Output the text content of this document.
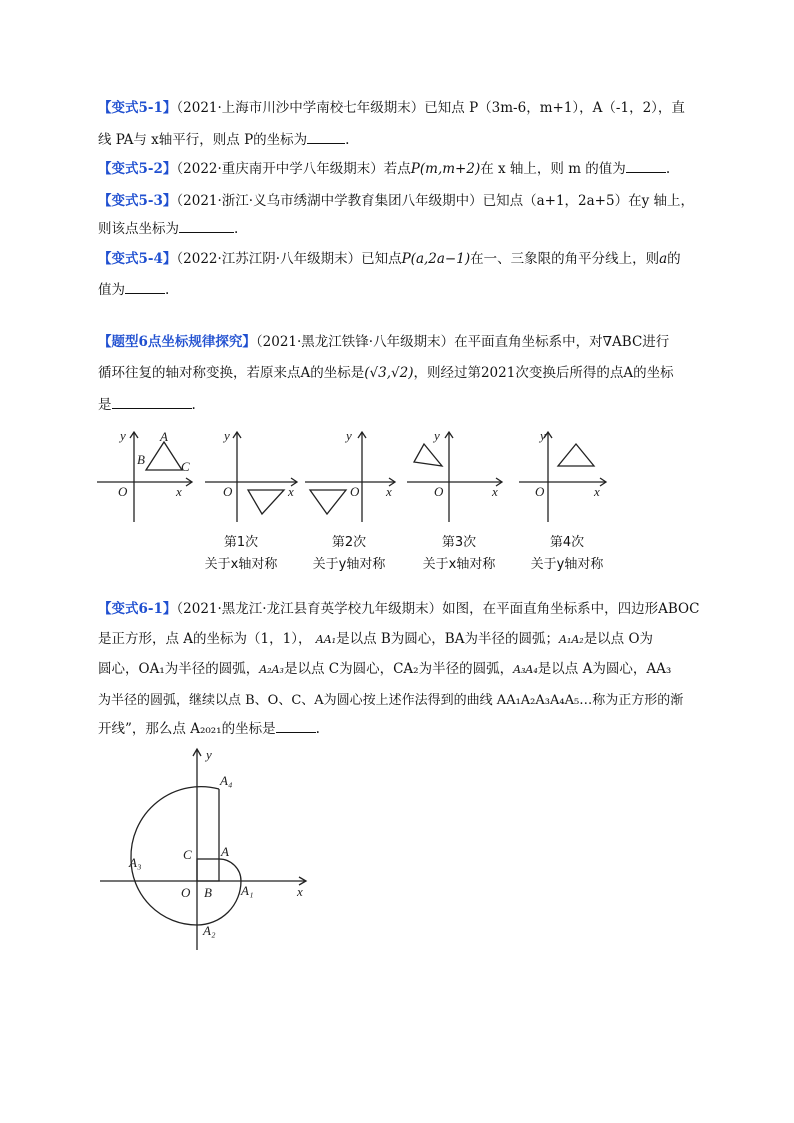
【变式5-1】（2021·上海市川沙中学南校七年级期末）已知点 P（3m-6，m+1），A（-1，2），直
线 PA与 x轴平行，则点 P的坐标为	.
【变式5-2】（2022·重庆南开中学八年级期末）若点P(m,m+2)在 x 轴上，则 m 的值为	.
【变式5-3】（2021·浙江·义乌市绣湖中学教育集团八年级期中）已知点（a+1，2a+5）在y 轴上，
则该点坐标为	.
【变式5-4】（2022·江苏江阴·八年级期末）已知点P(a,2a−1)在一、三象限的角平分线上，则a的
值为	.
【题型6点坐标规律探究】（2021·黑龙江铁锋·八年级期末）在平面直角坐标系中，对∇ABC进行
循环往复的轴对称变换，若原来点A的坐标是(√3,√2)，则经过第2021次变换后所得的点A的坐标
是	.
y
x
O
A
B	C
y
x
O
y
x
O
y
x
O
y
x
O
第1次
关于x轴对称
第2次
关于y轴对称
第3次
关于x轴对称
第4次
关于y轴对称
【变式6-1】（2021·黑龙江·龙江县育英学校九年级期末）如图，在平面直角坐标系中，四边形ABOC
是正方形，点 A的坐标为（1，1）， AA₁是以点 B为圆心，BA为半径的圆弧；A₁A₂是以点 O为
圆心，OA₁为半径的圆弧，A₂A₃是以点 C为圆心，CA₂为半径的圆弧，A₃A₄是以点 A为圆心，AA₃
为半径的圆弧，继续以点 B、O、C、A为圆心按上述作法得到的曲线 AA₁A₂A₃A₄A₅…称为正方形的渐
开线”，那么点 A₂₀₂₁的坐标是	.
y
x
O B
C A
A₁
A₂
A₃
A₄
